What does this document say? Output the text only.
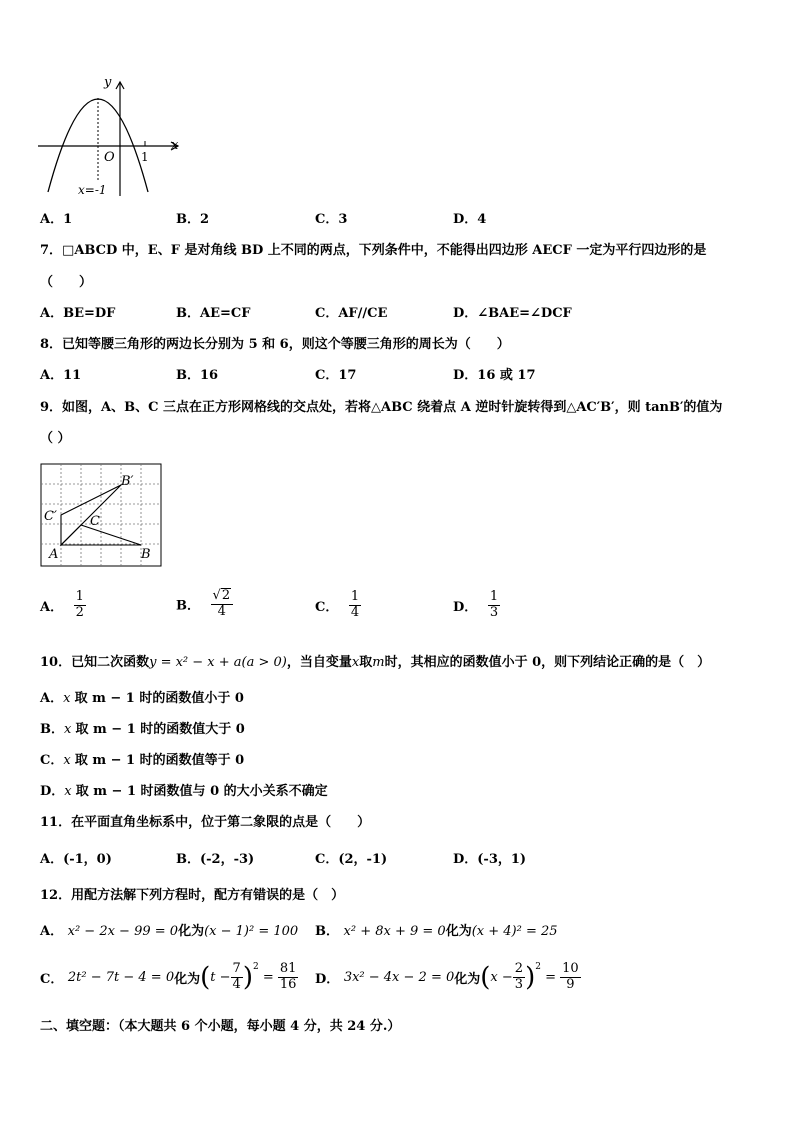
y
x
O 1
x=-1
A．1	B．2	C．3	D．4
7．□ABCD 中，E、F 是对角线 BD 上不同的两点，下列条件中，不能得出四边形 AECF 一定为平行四边形的是
（　　）
A．BE=DF	B．AE=CF	C．AF//CE	D．∠BAE=∠DCF
8．已知等腰三角形的两边长分别为 5 和 6，则这个等腰三角形的周长为（　　）
A．11	B．16	C．17	D．16 或 17
9．如图，A、B、C 三点在正方形网格线的交点处，若将△ABC 绕着点 A 逆时针旋转得到△AC′B′，则 tanB′的值为
（ ）
A	B
C
B′
C′
A． $\frac{1}{2}$	B． $\frac{√2}{4}$	C． $\frac{1}{4}$	D． $\frac{1}{3}$
10．已知二次函数y = x² − x + a(a > 0)，当自变量x取m时，其相应的函数值小于 0，则下列结论正确的是（　）
A．x 取 m − 1 时的函数值小于 0
B．x 取 m − 1 时的函数值大于 0
C．x 取 m − 1 时的函数值等于 0
D．x 取 m − 1 时函数值与 0 的大小关系不确定
11．在平面直角坐标系中，位于第二象限的点是（　　）
A．(-1，0)	B．(-2，-3)	C．(2，-1)	D．(-3，1)
12．用配方法解下列方程时，配方有错误的是（　）
A． x² − 2x − 99 = 0化为(x − 1)² = 100 B． x² + 8x + 9 = 0化为(x + 4)² = 25
C． 2t² − 7t − 4 = 0化为$(t - \frac{7}{4} )^2 = \frac{81}{16}$ D． 3x² − 4x − 2 = 0化为$(x - \frac{2}{3} )^2 = \frac{10}{9}$
二、填空题：（本大题共 6 个小题，每小题 4 分，共 24 分.）
